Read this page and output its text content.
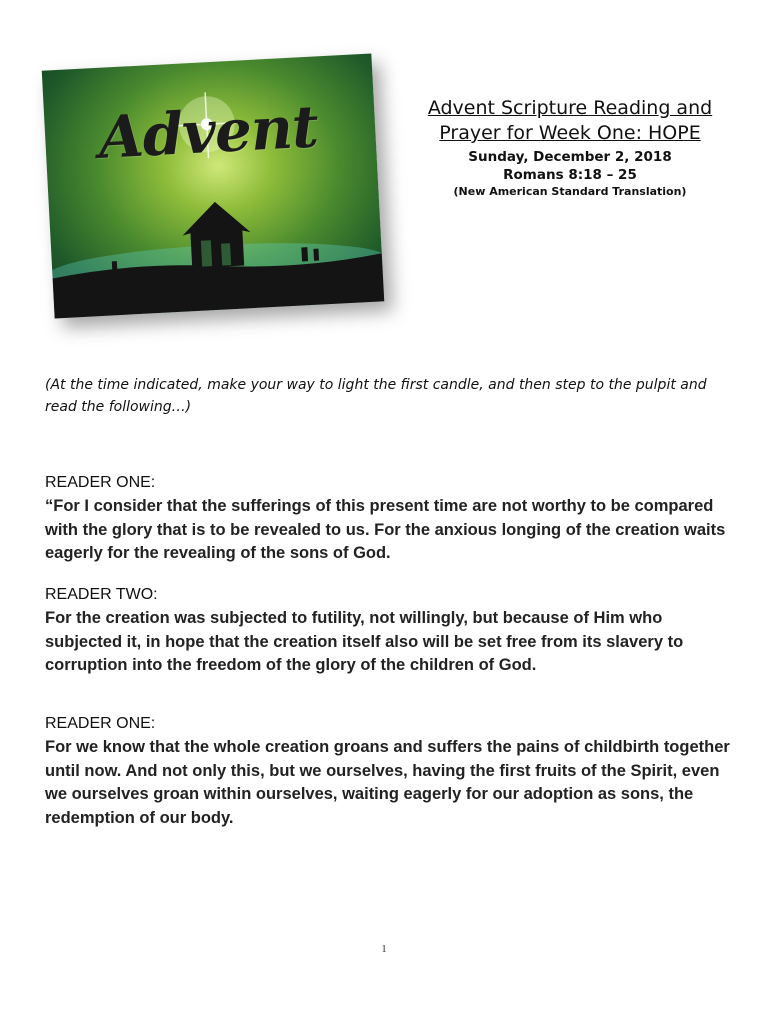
Advent	Advent Scripture Reading and
Prayer for Week One: HOPE
Sunday, December 2, 2018
Romans 8:18 – 25
(New American Standard Translation)
(At the time indicated, make your way to light the first candle, and then step to the pulpit and read the following…)
READER ONE:
“For I consider that the sufferings of this present time are not worthy to be compared with the glory that is to be revealed to us. For the anxious longing of the creation waits eagerly for the revealing of the sons of God.
READER TWO:
For the creation was subjected to futility, not willingly, but because of Him who subjected it, in hope that the creation itself also will be set free from its slavery to corruption into the freedom of the glory of the children of God.
READER ONE:
For we know that the whole creation groans and suffers the pains of childbirth together until now. And not only this, but we ourselves, having the first fruits of the Spirit, even we ourselves groan within ourselves, waiting eagerly for our adoption as sons, the redemption of our body.
1
